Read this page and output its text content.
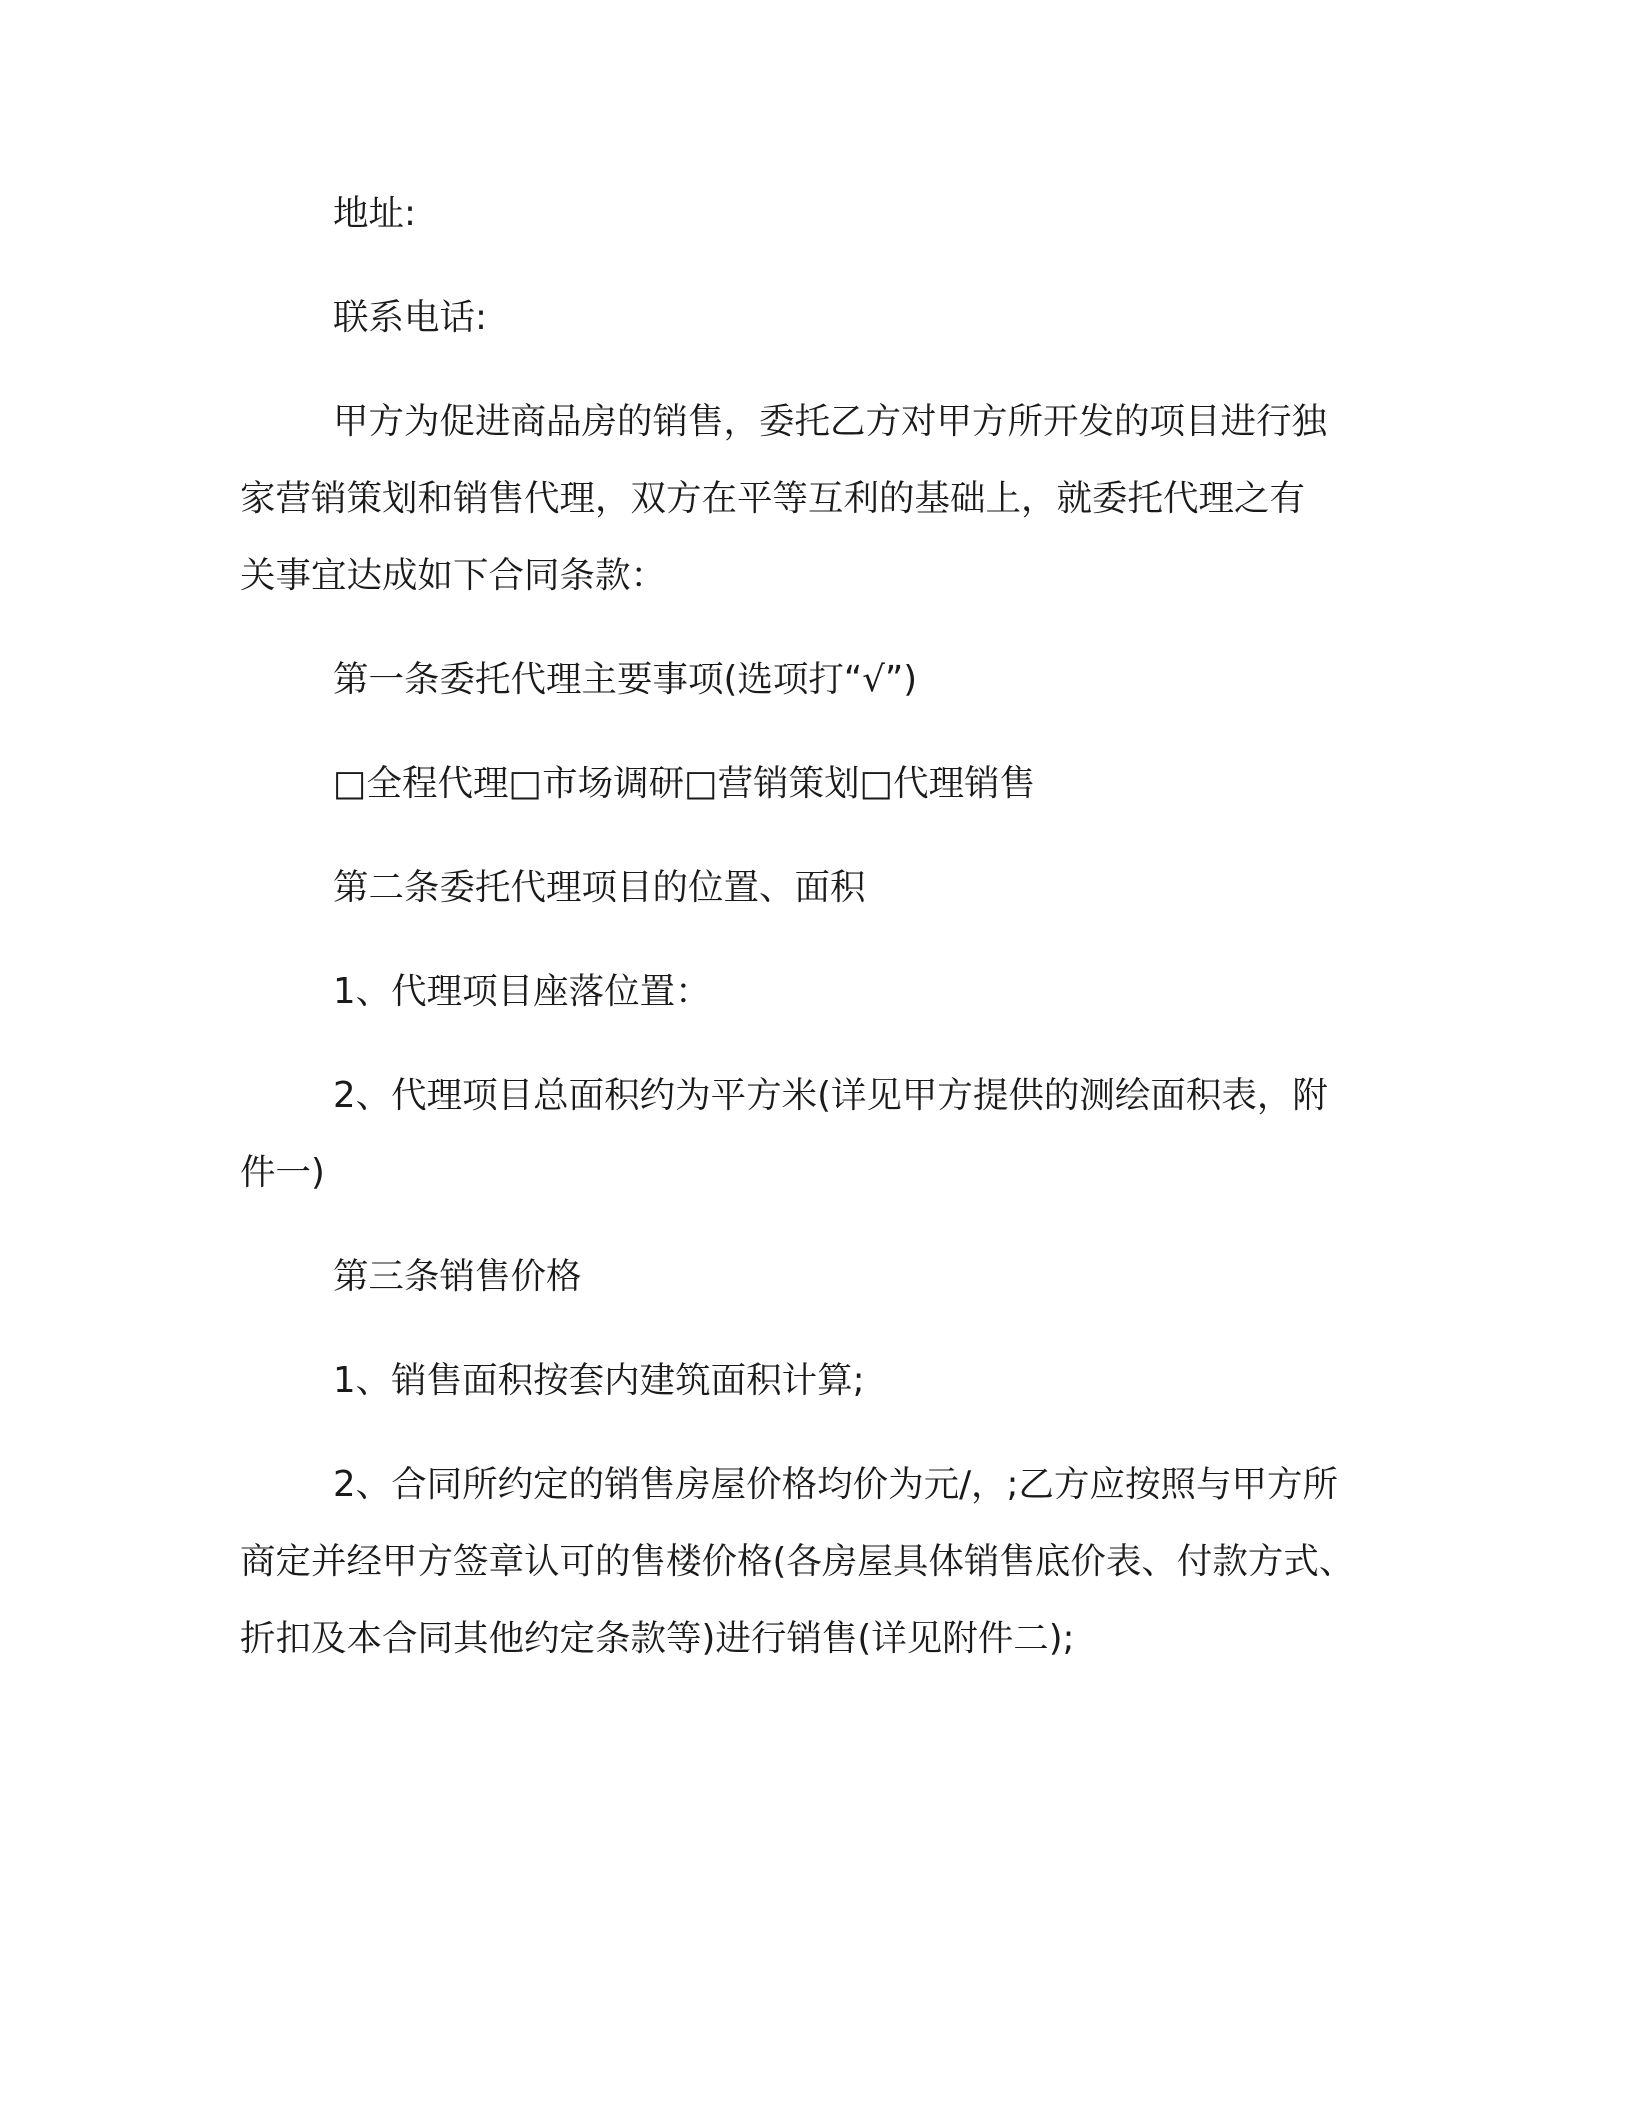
地址:

联系电话:

甲方为促进商品房的销售，委托乙方对甲方所开发的项目进行独
家营销策划和销售代理，双方在平等互利的基础上，就委托代理之有
关事宜达成如下合同条款：

第一条委托代理主要事项(选项打“√”)

□全程代理□市场调研□营销策划□代理销售

第二条委托代理项目的位置、面积

1、代理项目座落位置：

2、代理项目总面积约为平方米(详见甲方提供的测绘面积表，附
件一)

第三条销售价格

1、销售面积按套内建筑面积计算;

2、合同所约定的销售房屋价格均价为元/，;乙方应按照与甲方所
商定并经甲方签章认可的售楼价格(各房屋具体销售底价表、付款方式、
折扣及本合同其他约定条款等)进行销售(详见附件二);
